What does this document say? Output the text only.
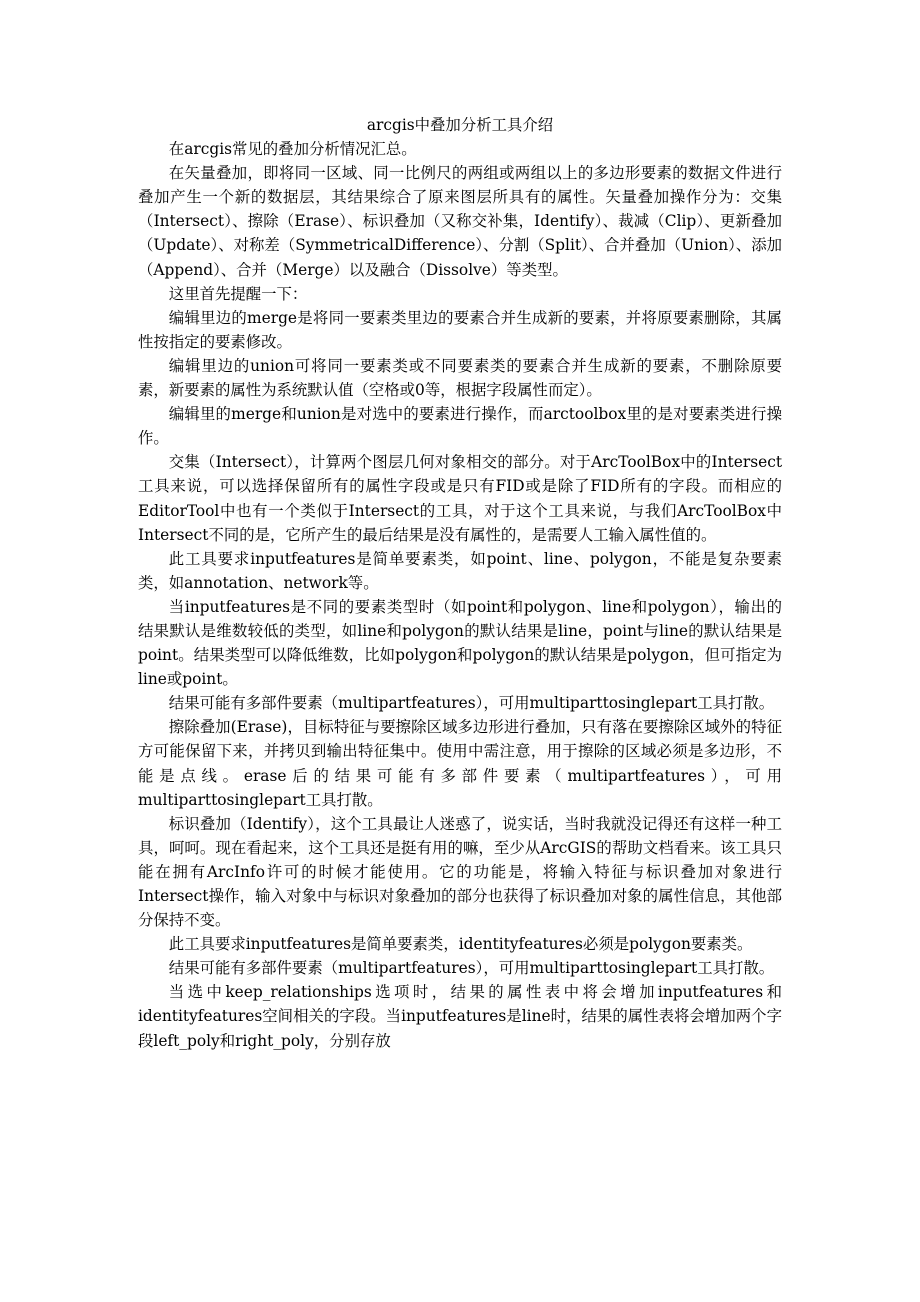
arcgis中叠加分析工具介绍

在arcgis常见的叠加分析情况汇总。

在矢量叠加，即将同一区域、同一比例尺的两组或两组以上的多边形要素的数据文件进行叠加产生一个新的数据层，其结果综合了原来图层所具有的属性。矢量叠加操作分为：交集（Intersect）、擦除（Erase）、标识叠加（又称交补集，Identify）、裁减（Clip）、更新叠加（Update）、对称差（SymmetricalDifference）、分割（Split）、合并叠加（Union）、添加（Append）、合并（Merge）以及融合（Dissolve）等类型。

这里首先提醒一下：

编辑里边的merge是将同一要素类里边的要素合并生成新的要素，并将原要素删除，其属性按指定的要素修改。

编辑里边的union可将同一要素类或不同要素类的要素合并生成新的要素，不删除原要素，新要素的属性为系统默认值（空格或0等，根据字段属性而定）。

编辑里的merge和union是对选中的要素进行操作，而arctoolbox里的是对要素类进行操作。

交集（Intersect），计算两个图层几何对象相交的部分。对于ArcToolBox中的Intersect工具来说，可以选择保留所有的属性字段或是只有FID或是除了FID所有的字段。而相应的EditorTool中也有一个类似于Intersect的工具，对于这个工具来说，与我们ArcToolBox中Intersect不同的是，它所产生的最后结果是没有属性的，是需要人工输入属性值的。

此工具要求inputfeatures是简单要素类，如point、line、polygon，不能是复杂要素类，如annotation、network等。

当inputfeatures是不同的要素类型时（如point和polygon、line和polygon），输出的结果默认是维数较低的类型，如line和polygon的默认结果是line，point与line的默认结果是point。结果类型可以降低维数，比如polygon和polygon的默认结果是polygon，但可指定为line或point。

结果可能有多部件要素（multipartfeatures），可用multiparttosinglepart工具打散。

擦除叠加(Erase)，目标特征与要擦除区域多边形进行叠加，只有落在要擦除区域外的特征方可能保留下来，并拷贝到输出特征集中。使用中需注意，用于擦除的区域必须是多边形，不能是点线。erase后的结果可能有多部件要素（multipartfeatures），可用multiparttosinglepart工具打散。

标识叠加（Identify），这个工具最让人迷惑了，说实话，当时我就没记得还有这样一种工具，呵呵。现在看起来，这个工具还是挺有用的嘛，至少从ArcGIS的帮助文档看来。该工具只能在拥有ArcInfo许可的时候才能使用。它的功能是，将输入特征与标识叠加对象进行Intersect操作，输入对象中与标识对象叠加的部分也获得了标识叠加对象的属性信息，其他部分保持不变。

此工具要求inputfeatures是简单要素类，identityfeatures必须是polygon要素类。

结果可能有多部件要素（multipartfeatures），可用multiparttosinglepart工具打散。

当选中keep_relationships选项时，结果的属性表中将会增加inputfeatures和identityfeatures空间相关的字段。当inputfeatures是line时，结果的属性表将会增加两个字段left_poly和right_poly，分别存放
